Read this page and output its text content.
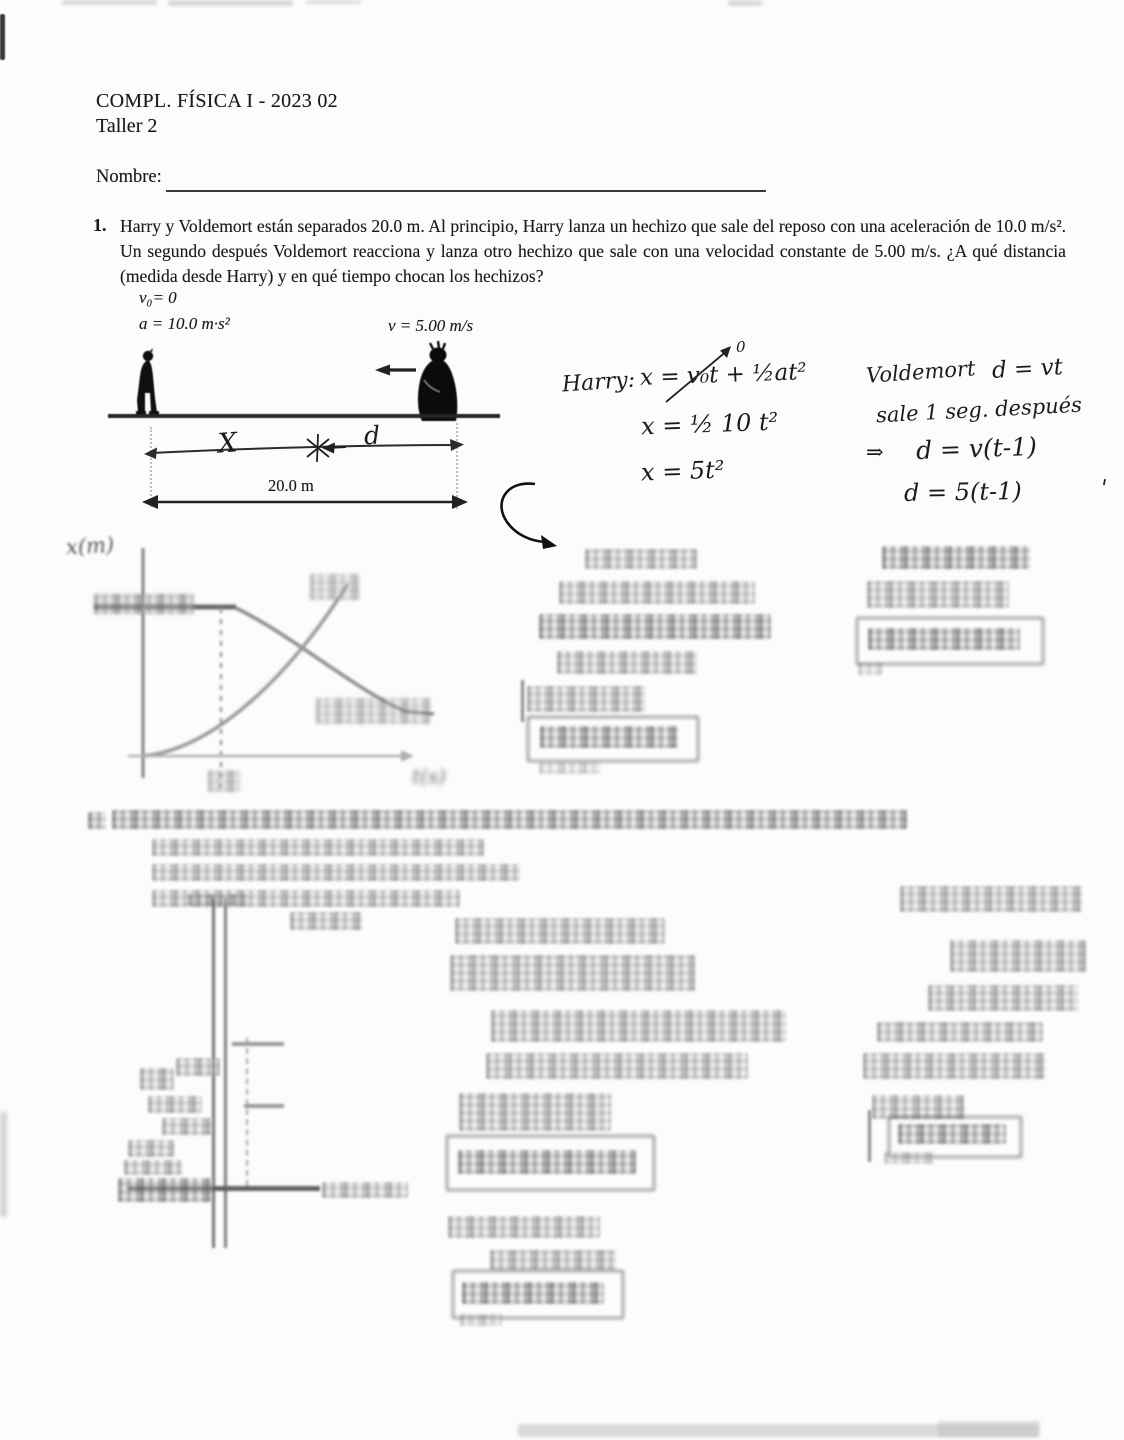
COMPL. FÍSICA I - 2023 02
Taller 2
Nombre:
1. Harry y Voldemort están separados 20.0 m. Al principio, Harry lanza un hechizo que sale del reposo con una aceleración de 10.0 m/s². Un segundo después Voldemort reacciona y lanza otro hechizo que sale con una velocidad constante de 5.00 m/s. ¿A qué distancia (medida desde Harry) y en qué tiempo chocan los hechizos?
v₀= 0
a = 10.0 m·s²	v = 5.00 m/s
X	d
20.0 m
Harry: x = v₀t + ½at²
0
x = ½ 10 t²
x = 5t²
Voldemort d = vt
sale 1 seg. después
⇒ d = v(t-1)
d = 5(t-1)	'
x(m)
t(s)
